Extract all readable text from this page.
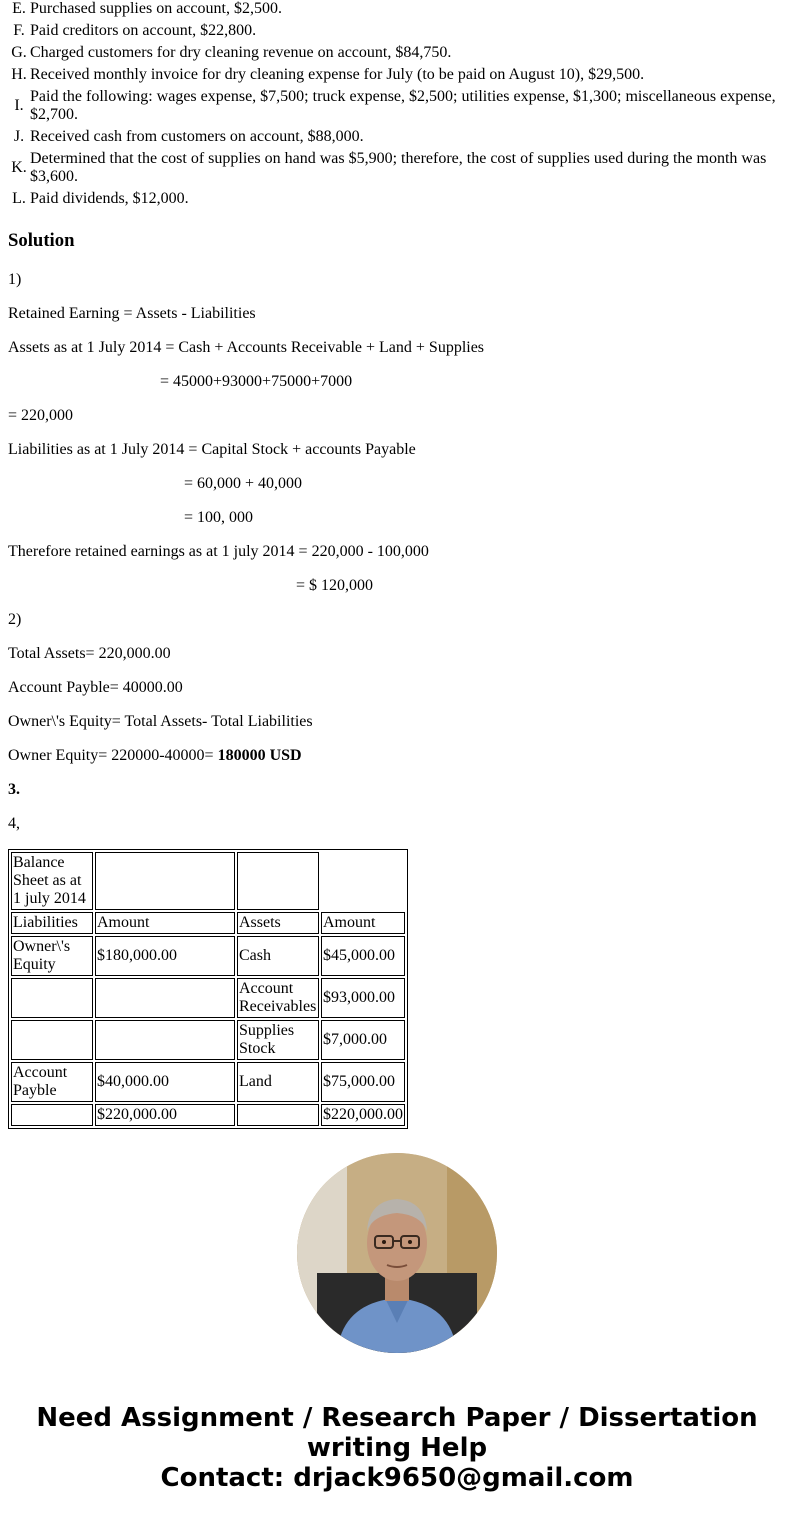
E. Purchased supplies on account, $2,500.
F. Paid creditors on account, $22,800.
G. Charged customers for dry cleaning revenue on account, $84,750.
H. Received monthly invoice for dry cleaning expense for July (to be paid on August 10), $29,500.
I.
Paid the following: wages expense, $7,500; truck expense, $2,500; utilities expense, $1,300; miscellaneous expense, $2,700.
J. Received cash from customers on account, $88,000.
K.
Determined that the cost of supplies on hand was $5,900; therefore, the cost of supplies used during the month was $3,600.
L. Paid dividends, $12,000.
Solution

1)

Retained Earning = Assets - Liabilities

Assets as at 1 July 2014 = Cash + Accounts Receivable + Land + Supplies

= 45000+93000+75000+7000

= 220,000

Liabilities as at 1 July 2014 = Capital Stock + accounts Payable

= 60,000 + 40,000

= 100, 000

Therefore retained earnings as at 1 july 2014 = 220,000 - 100,000

= $ 120,000

2)

Total Assets= 220,000.00

Account Payble= 40000.00

Owner\'s Equity= Total Assets- Total Liabilities

Owner Equity= 220000-40000= 180000 USD

3.

4,

Balance Sheet as at 1 july 2014			
Liabilities	Amount	Assets	Amount
Owner\'s Equity	$180,000.00	Cash	$45,000.00
		Account Receivables	$93,000.00
		Supplies Stock	$7,000.00
Account Payble	$40,000.00	Land	$75,000.00
	$220,000.00		$220,000.00
Need Assignment / Research Paper / Dissertation
writing Help
Contact: drjack9650@gmail.com
